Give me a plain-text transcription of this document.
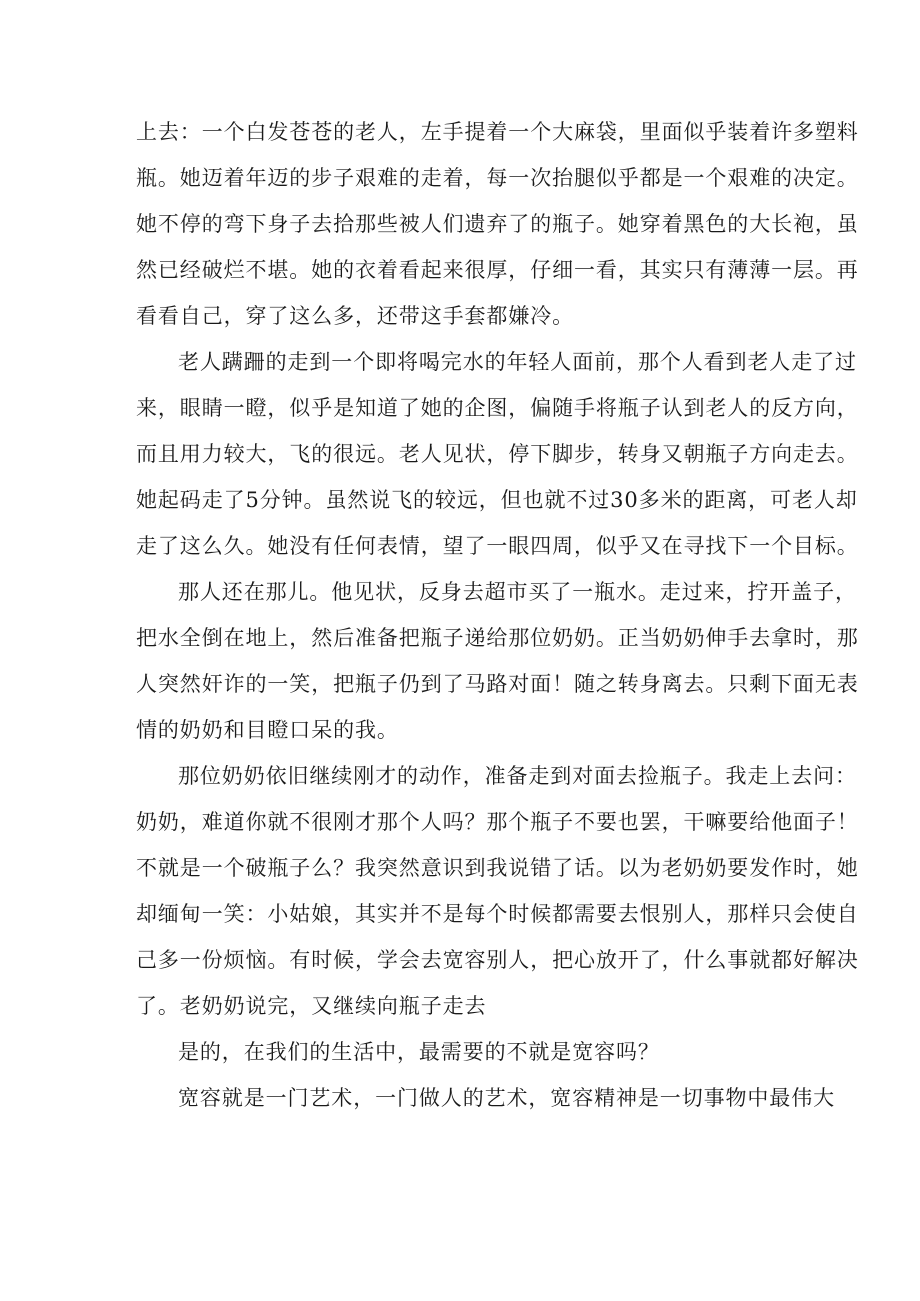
上去：一个白发苍苍的老人，左手提着一个大麻袋，里面似乎装着许多塑料
瓶。她迈着年迈的步子艰难的走着，每一次抬腿似乎都是一个艰难的决定。
她不停的弯下身子去拾那些被人们遗弃了的瓶子。她穿着黑色的大长袍，虽
然已经破烂不堪。她的衣着看起来很厚，仔细一看，其实只有薄薄一层。再
看看自己，穿了这么多，还带这手套都嫌冷。
老人蹒跚的走到一个即将喝完水的年轻人面前，那个人看到老人走了过
来，眼睛一瞪，似乎是知道了她的企图，偏随手将瓶子认到老人的反方向，
而且用力较大，飞的很远。老人见状，停下脚步，转身又朝瓶子方向走去。
她起码走了5分钟。虽然说飞的较远，但也就不过30多米的距离，可老人却
走了这么久。她没有任何表情，望了一眼四周，似乎又在寻找下一个目标。
那人还在那儿。他见状，反身去超市买了一瓶水。走过来，拧开盖子，
把水全倒在地上，然后准备把瓶子递给那位奶奶。正当奶奶伸手去拿时，那
人突然奸诈的一笑，把瓶子仍到了马路对面！随之转身离去。只剩下面无表
情的奶奶和目瞪口呆的我。
那位奶奶依旧继续刚才的动作，准备走到对面去捡瓶子。我走上去问：
奶奶，难道你就不很刚才那个人吗？那个瓶子不要也罢，干嘛要给他面子！
不就是一个破瓶子么？我突然意识到我说错了话。以为老奶奶要发作时，她
却缅甸一笑：小姑娘，其实并不是每个时候都需要去恨别人，那样只会使自
己多一份烦恼。有时候，学会去宽容别人，把心放开了，什么事就都好解决
了。老奶奶说完，又继续向瓶子走去
是的，在我们的生活中，最需要的不就是宽容吗？
宽容就是一门艺术，一门做人的艺术，宽容精神是一切事物中最伟大
